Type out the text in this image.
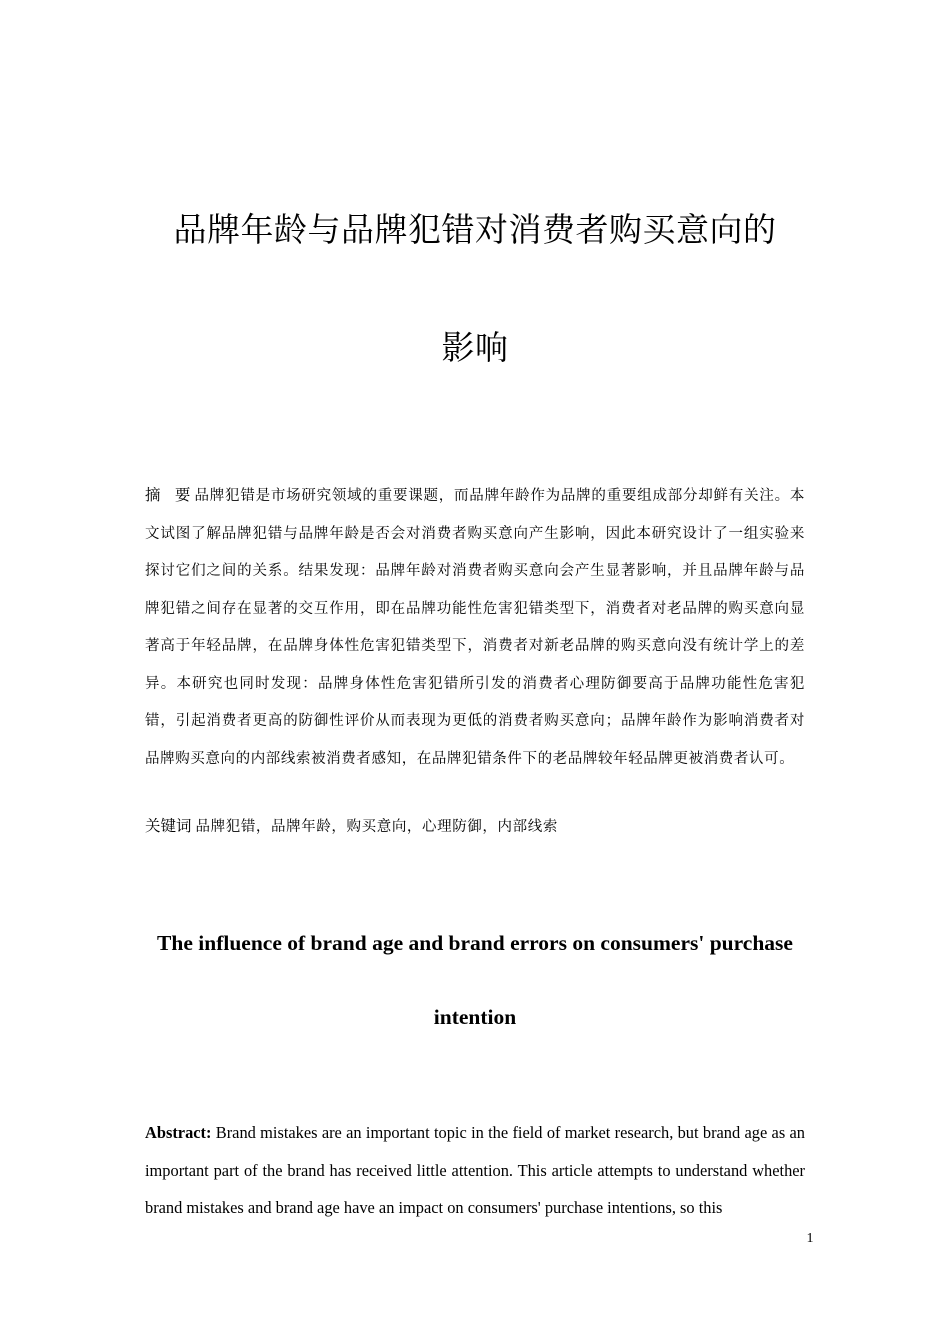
品牌年龄与品牌犯错对消费者购买意向的
影响
摘 要 品牌犯错是市场研究领域的重要课题，而品牌年龄作为品牌的重要组成部分却鲜有关注。本文试图了解品牌犯错与品牌年龄是否会对消费者购买意向产生影响，因此本研究设计了一组实验来探讨它们之间的关系。结果发现：品牌年龄对消费者购买意向会产生显著影响，并且品牌年龄与品牌犯错之间存在显著的交互作用，即在品牌功能性危害犯错类型下，消费者对老品牌的购买意向显著高于年轻品牌，在品牌身体性危害犯错类型下，消费者对新老品牌的购买意向没有统计学上的差异。本研究也同时发现：品牌身体性危害犯错所引发的消费者心理防御要高于品牌功能性危害犯错，引起消费者更高的防御性评价从而表现为更低的消费者购买意向；品牌年龄作为影响消费者对品牌购买意向的内部线索被消费者感知，在品牌犯错条件下的老品牌较年轻品牌更被消费者认可。
关键词 品牌犯错，品牌年龄，购买意向，心理防御，内部线索
The influence of brand age and brand errors on consumers' purchase
intention
Abstract: Brand mistakes are an important topic in the field of market research, but brand age as an important part of the brand has received little attention. This article attempts to understand whether brand mistakes and brand age have an impact on consumers' purchase intentions, so this
1
